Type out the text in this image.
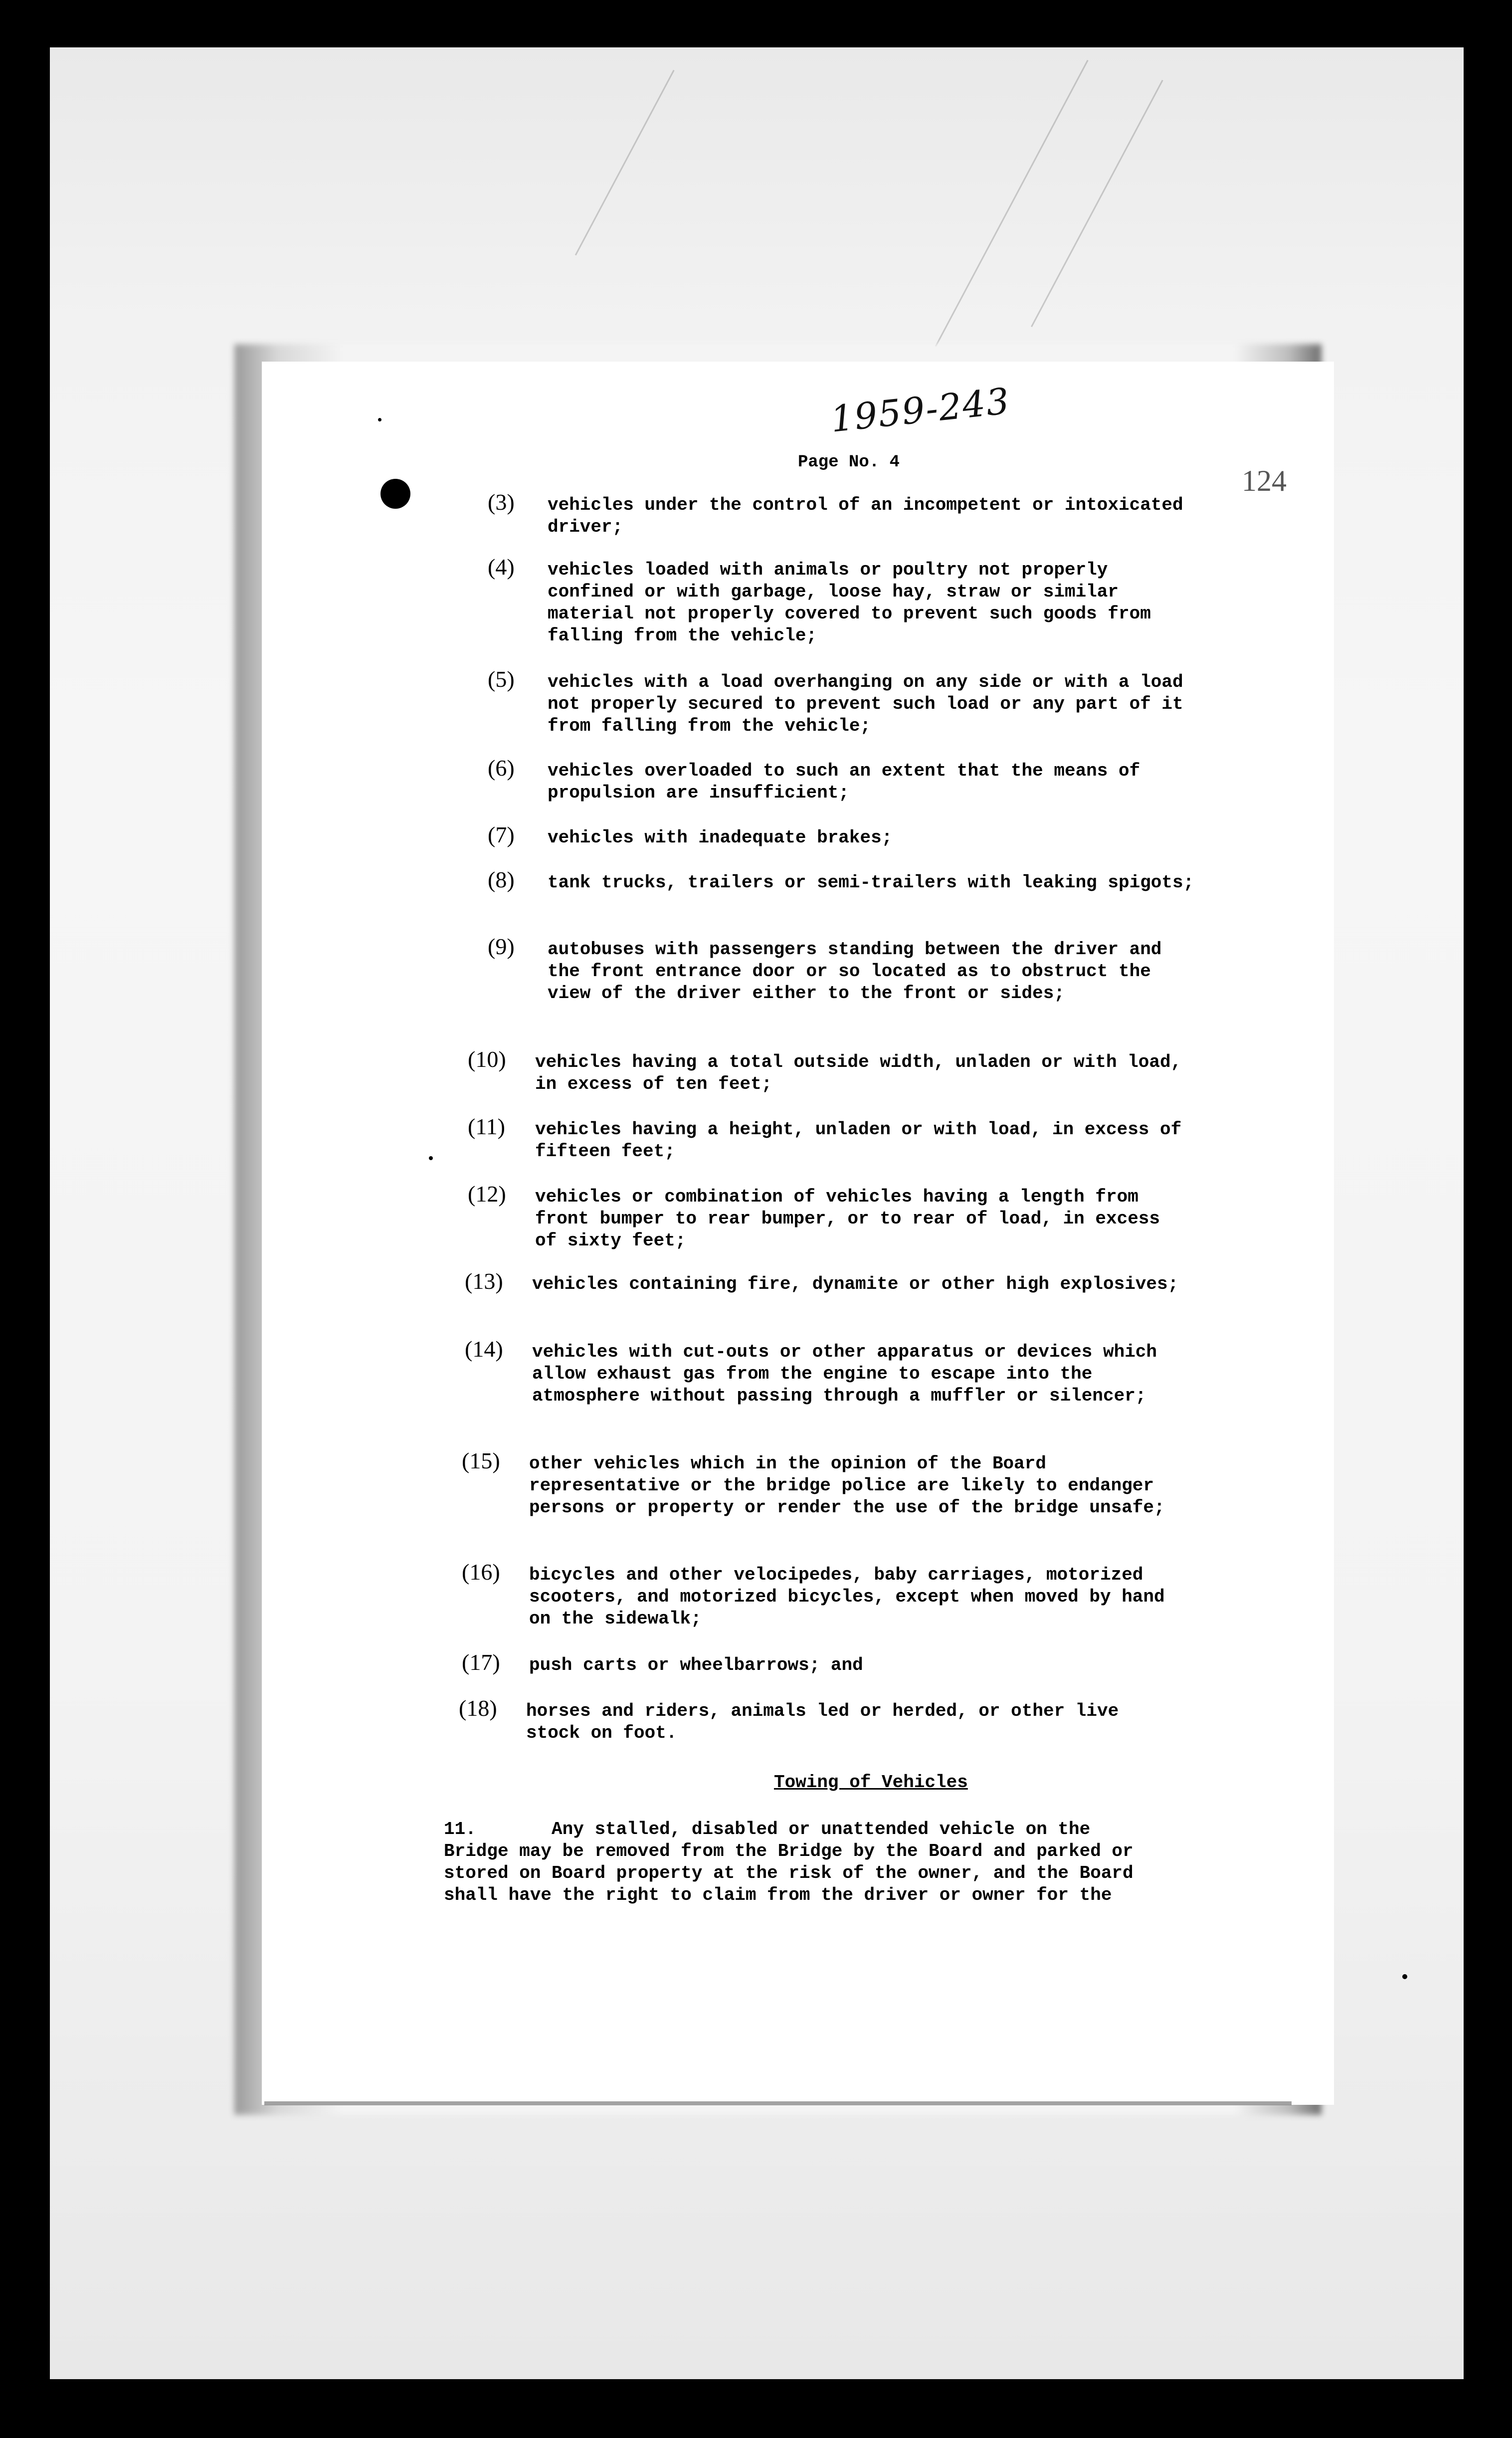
1959-243
124
Page No. 4
(3) vehicles under the control of an incompetent or intoxicated driver;
(4) vehicles loaded with animals or poultry not properly confined or with garbage, loose hay, straw or similar material not properly covered to prevent such goods from falling from the vehicle;
(5) vehicles with a load overhanging on any side or with a load not properly secured to prevent such load or any part of it from falling from the vehicle;
(6) vehicles overloaded to such an extent that the means of propulsion are insufficient;
(7) vehicles with inadequate brakes;
(8) tank trucks, trailers or semi-trailers with leaking spigots;
(9) autobuses with passengers standing between the driver and the front entrance door or so located as to obstruct the view of the driver either to the front or sides;
(10) vehicles having a total outside width, unladen or with load, in excess of ten feet;
(11) vehicles having a height, unladen or with load, in excess of fifteen feet;
(12) vehicles or combination of vehicles having a length from front bumper to rear bumper, or to rear of load, in excess of sixty feet;
(13) vehicles containing fire, dynamite or other high explosives;
(14) vehicles with cut-outs or other apparatus or devices which allow exhaust gas from the engine to escape into the atmosphere without passing through a muffler or silencer;
(15) other vehicles which in the opinion of the Board representative or the bridge police are likely to endanger persons or property or render the use of the bridge unsafe;
(16) bicycles and other velocipedes, baby carriages, motorized scooters, and motorized bicycles, except when moved by hand on the sidewalk;
(17) push carts or wheelbarrows; and
(18) horses and riders, animals led or herded, or other live stock on foot.
Towing of Vehicles
11.       Any stalled, disabled or unattended vehicle on the
Bridge may be removed from the Bridge by the Board and parked or
stored on Board property at the risk of the owner, and the Board
shall have the right to claim from the driver or owner for the
